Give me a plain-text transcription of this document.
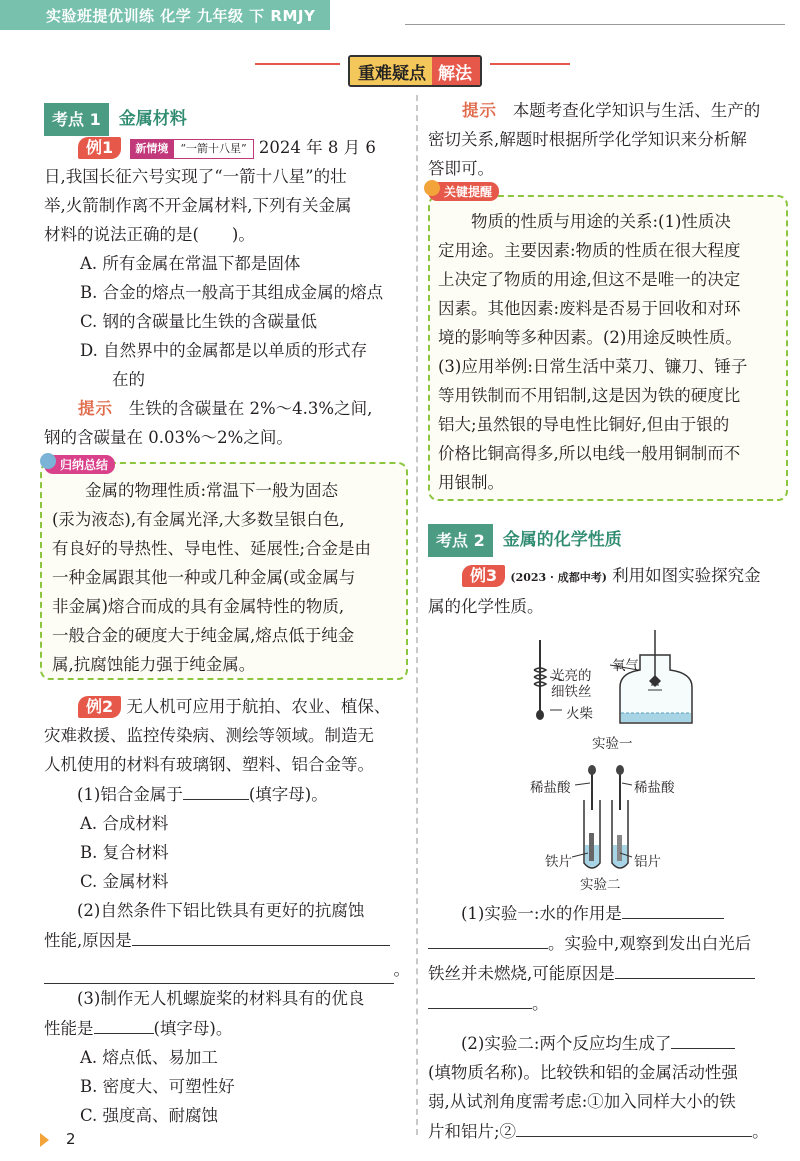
实验班提优训练 化学 九年级 下 RMJY
重难疑点 解法
考点 1	金属材料
例1 新情境 “一箭十八星” 2024 年 8 月 6
日,我国长征六号实现了“一箭十八星”的壮
举,火箭制作离不开金属材料,下列有关金属
材料的说法正确的是(　　)。
A. 所有金属在常温下都是固体
B. 合金的熔点一般高于其组成金属的熔点
C. 钢的含碳量比生铁的含碳量低
D. 自然界中的金属都是以单质的形式存
在的
提示 生铁的含碳量在 2%～4.3%之间,
钢的含碳量在 0.03%～2%之间。
金属的物理性质:常温下一般为固态
(汞为液态),有金属光泽,大多数呈银白色,
有良好的导热性、导电性、延展性;合金是由
一种金属跟其他一种或几种金属(或金属与
非金属)熔合而成的具有金属特性的物质,
一般合金的硬度大于纯金属,熔点低于纯金
属,抗腐蚀能力强于纯金属。
归纳总结
例2 无人机可应用于航拍、农业、植保、
灾难救援、监控传染病、测绘等领域。制造无
人机使用的材料有玻璃钢、塑料、铝合金等。
(1)铝合金属于	(填字母)。
A. 合成材料
B. 复合材料
C. 金属材料
(2)自然条件下铝比铁具有更好的抗腐蚀
性能,原因是
。
(3)制作无人机螺旋桨的材料具有的优良
性能是	(填字母)。
A. 熔点低、易加工
B. 密度大、可塑性好
C. 强度高、耐腐蚀
提示 本题考查化学知识与生活、生产的
密切关系,解题时根据所学化学知识来分析解
答即可。
物质的性质与用途的关系:(1)性质决
定用途。主要因素:物质的性质在很大程度
上决定了物质的用途,但这不是唯一的决定
因素。其他因素:废料是否易于回收和对环
境的影响等多种因素。(2)用途反映性质。
(3)应用举例:日常生活中菜刀、镰刀、锤子
等用铁制而不用铝制,这是因为铁的硬度比
铝大;虽然银的导电性比铜好,但由于银的
价格比铜高得多,所以电线一般用铜制而不
用银制。
关键提醒
考点 2	金属的化学性质
例3 (2023 · 成都中考) 利用如图实验探究金
属的化学性质。
光亮的
细铁丝
氧气
火柴
实验一
稀盐酸	稀盐酸
铁片	铝片
实验二
(1)实验一:水的作用是
。实验中,观察到发出白光后
铁丝并未燃烧,可能原因是
。
(2)实验二:两个反应均生成了
(填物质名称)。比较铁和铝的金属活动性强
弱,从试剂角度需考虑:①加入同样大小的铁
片和铝片;②	。
2
